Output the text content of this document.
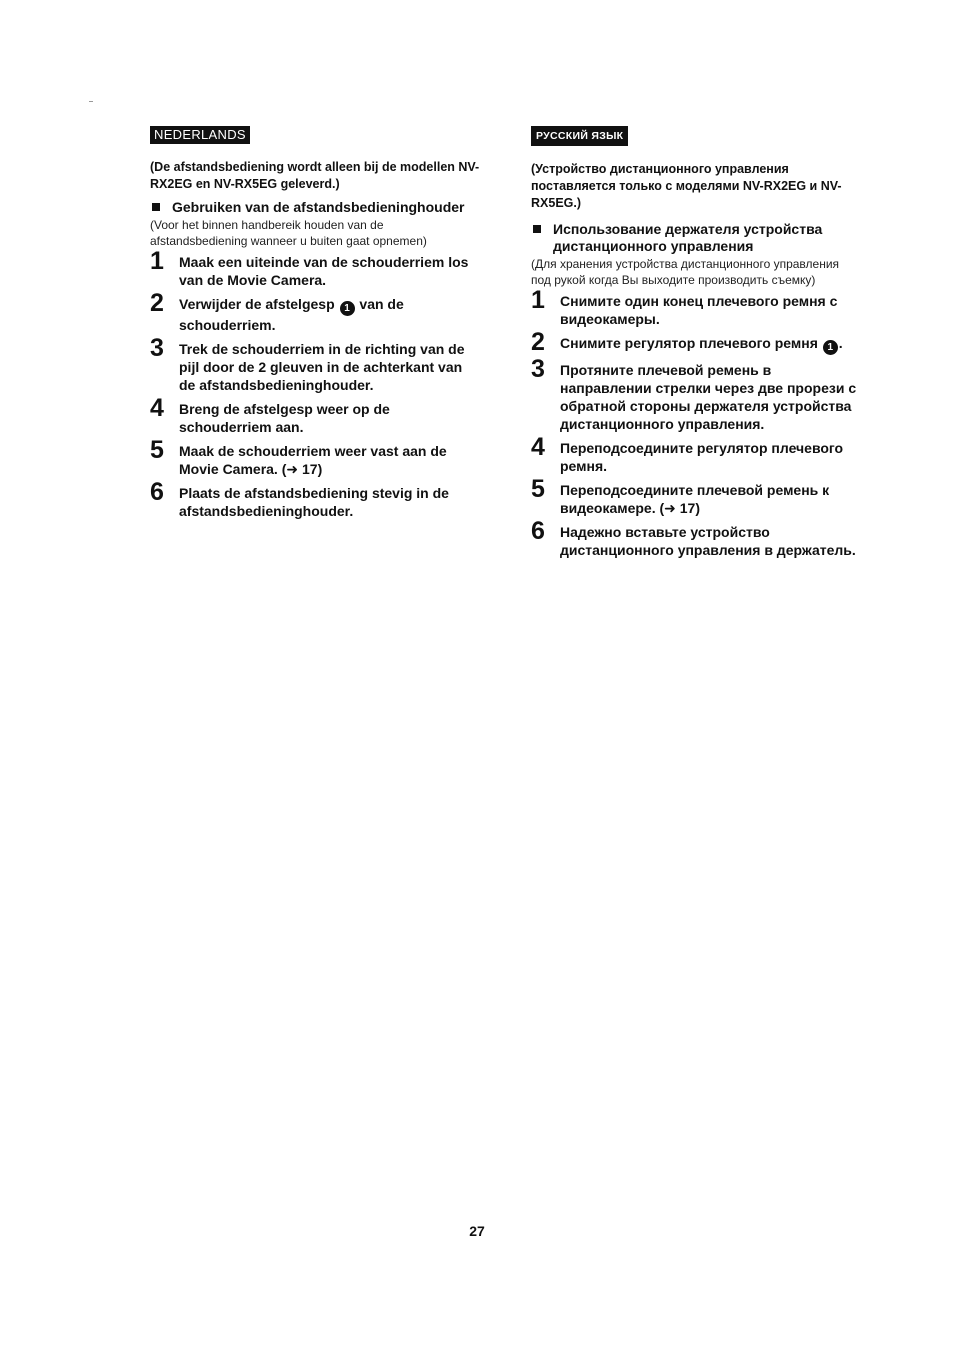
NEDERLANDS
(De afstandsbediening wordt alleen bij de modellen NV-RX2EG en NV-RX5EG geleverd.)
Gebruiken van de afstandsbedieninghouder
(Voor het binnen handbereik houden van de afstandsbediening wanneer u buiten gaat opnemen)
1 Maak een uiteinde van de schouderriem los van de Movie Camera.
2 Verwijder de afstelgesp 1 van de schouderriem.
3 Trek de schouderriem in de richting van de pijl door de 2 gleuven in de achterkant van de afstandsbedieninghouder.
4 Breng de afstelgesp weer op de schouderriem aan.
5 Maak de schouderriem weer vast aan de Movie Camera. (➜ 17)
6 Plaats de afstandsbediening stevig in de afstandsbedieninghouder.
РУССКИЙ ЯЗЫК
(Устройство дистанционного управления поставляется только с моделями NV-RX2EG и NV-RX5EG.)
Использование держателя устройства дистанционного управления
(Для хранения устройства дистанционного управления под рукой когда Вы выходите производить съемку)
1 Снимите один конец плечевого ремня с видеокамеры.
2 Снимите регулятор плечевого ремня 1 .
3 Протяните плечевой ремень в направлении стрелки через две прорези с обратной стороны держателя устройства дистанционного управления.
4 Переподсоедините регулятор плечевого ремня.
5 Переподсоедините плечевой ремень к видеокамере. (➜ 17)
6 Надежно вставьте устройство дистанционного управления в держатель.
27
